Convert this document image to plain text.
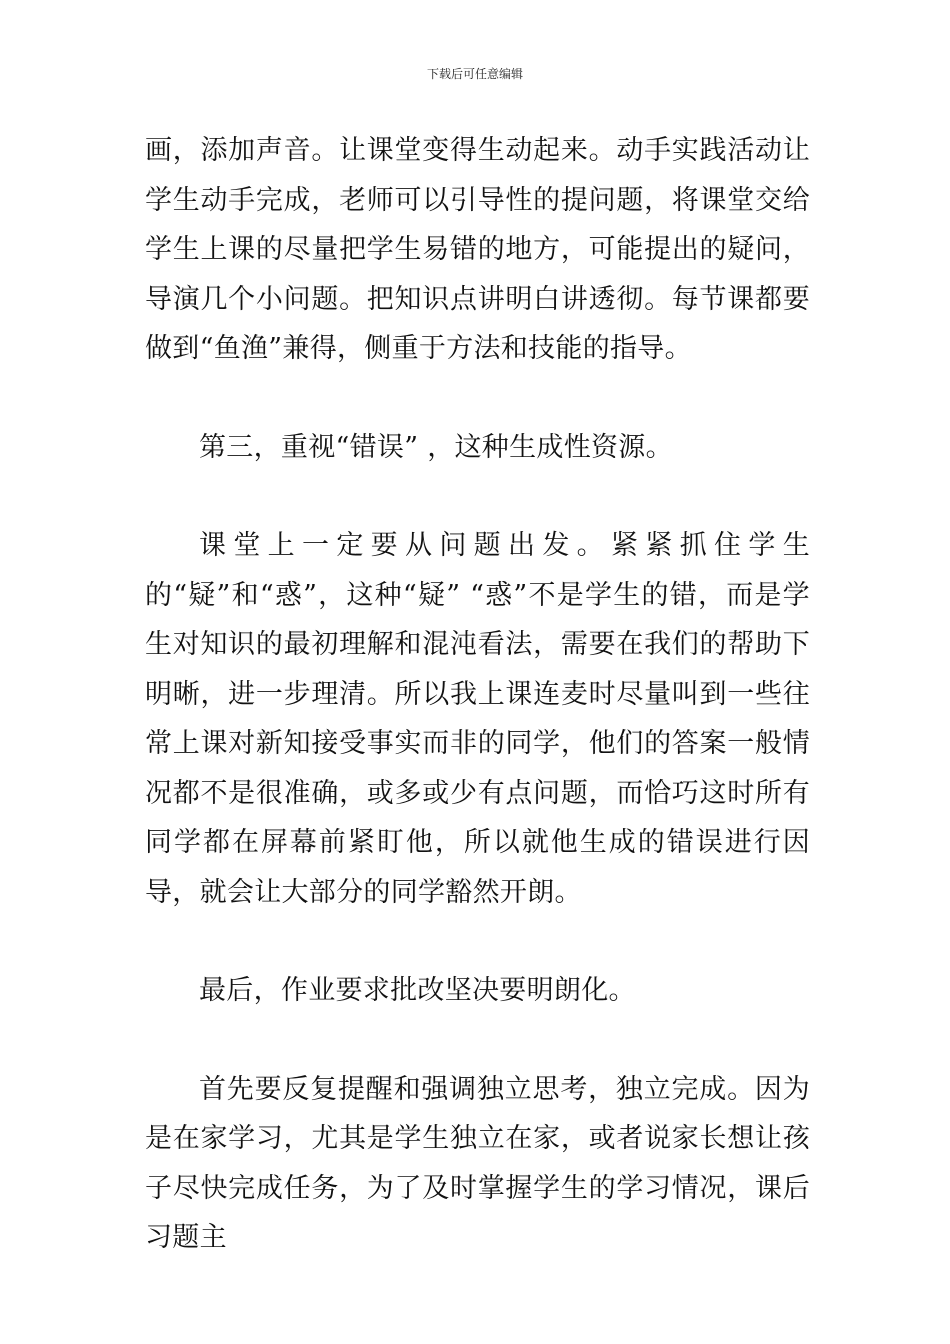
下载后可任意编辑

画，添加声音。让课堂变得生动起来。动手实践活动让学生动手完成，老师可以引导性的提问题，将课堂交给学生上课的尽量把学生易错的地方，可能提出的疑问，导演几个小问题。把知识点讲明白讲透彻。每节课都要做到“鱼渔”兼得，侧重于方法和技能的指导。

第三，重视“错误” ，这种生成性资源。

课堂上一定要从问题出发。紧紧抓住学生的“疑”和“惑”，这种“疑” “惑”不是学生的错，而是学生对知识的最初理解和混沌看法，需要在我们的帮助下明晰，进一步理清。所以我上课连麦时尽量叫到一些往常上课对新知接受事实而非的同学，他们的答案一般情况都不是很准确，或多或少有点问题，而恰巧这时所有同学都在屏幕前紧盯他，所以就他生成的错误进行因导，就会让大部分的同学豁然开朗。

最后，作业要求批改坚决要明朗化。

首先要反复提醒和强调独立思考，独立完成。因为是在家学习，尤其是学生独立在家，或者说家长想让孩子尽快完成任务，为了及时掌握学生的学习情况，课后习题主
